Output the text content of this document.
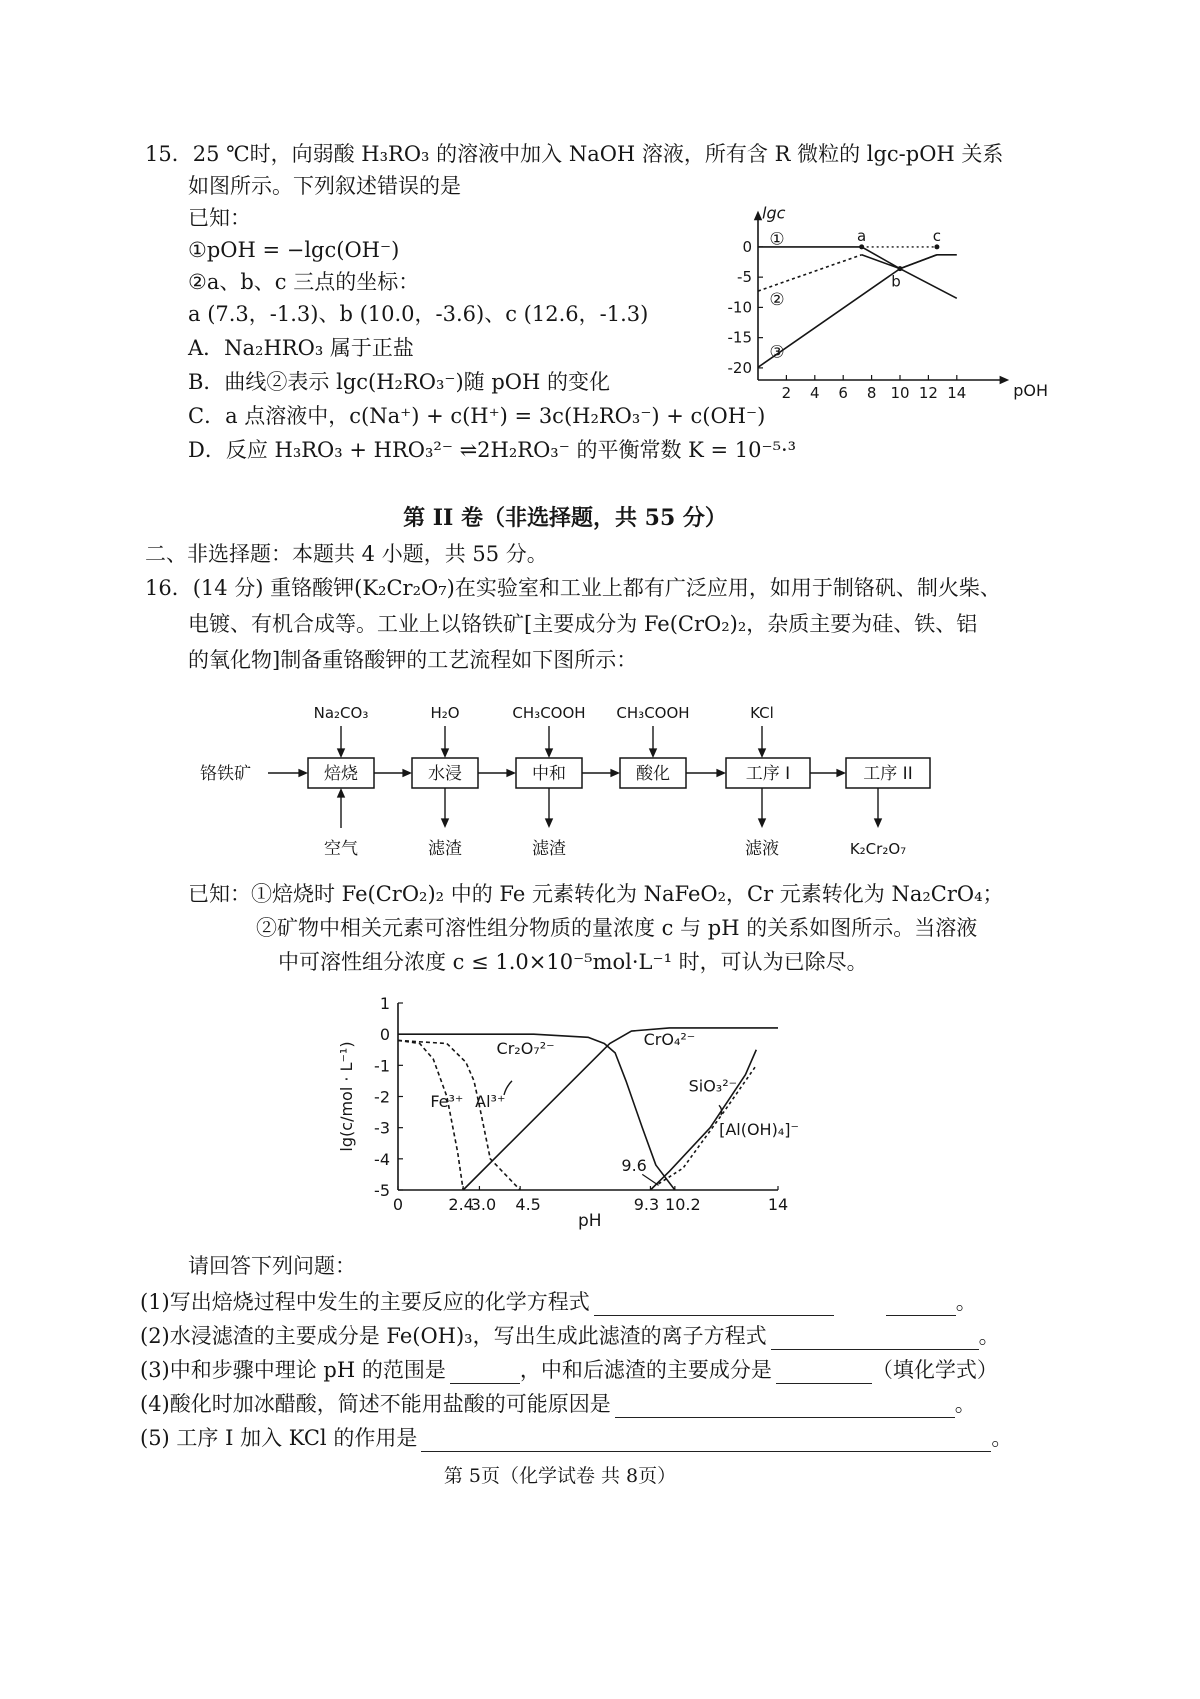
15．25 ℃时，向弱酸 H₃RO₃ 的溶液中加入 NaOH 溶液，所有含 R 微粒的 lgc-pOH 关系
如图所示。下列叙述错误的是
已知：
①pOH = −lgc(OH⁻)
②a、b、c 三点的坐标：
a (7.3，-1.3)、b (10.0，-3.6)、c (12.6，-1.3)
A．Na₂HRO₃ 属于正盐
B．曲线②表示 lgc(H₂RO₃⁻)随 pOH 的变化
C．a 点溶液中，c(Na⁺) + c(H⁺) = 3c(H₂RO₃⁻) + c(OH⁻)
D．反应 H₃RO₃ + HRO₃²⁻ ⇌2H₂RO₃⁻ 的平衡常数 K = 10⁻⁵·³
lgc
pOH
0
-5
-10
-15
-20
2 4 6 8 10 12 14
①
②
③
a
b
c
第 II 卷（非选择题，共 55 分）
二、非选择题：本题共 4 小题，共 55 分。
16．(14 分) 重铬酸钾(K₂Cr₂O₇)在实验室和工业上都有广泛应用，如用于制铬矾、制火柴、
电镀、有机合成等。工业上以铬铁矿[主要成分为 Fe(CrO₂)₂，杂质主要为硅、铁、铝
的氧化物]制备重铬酸钾的工艺流程如下图所示：
铬铁矿	焙烧	水浸	中和	酸化	工序 I	工序 II
Na₂CO₃	H₂O	CH₃COOH CH₃COOH	KCl
空气	滤渣	滤渣	滤液	K₂Cr₂O₇
已知：①焙烧时 Fe(CrO₂)₂ 中的 Fe 元素转化为 NaFeO₂，Cr 元素转化为 Na₂CrO₄；
②矿物中相关元素可溶性组分物质的量浓度 c 与 pH 的关系如图所示。当溶液
中可溶性组分浓度 c ≤ 1.0×10⁻⁵mol·L⁻¹ 时，可认为已除尽。
1
0
-1
-2
-3
-4
-5
0	2.4
3.0 4.5	9.3 10.2	14
pH
lg(c/mol · L⁻¹)	Fe³⁺ Al³⁺
Cr₂O₇²⁻	CrO₄²⁻
SiO₃²⁻
[Al(OH)₄]⁻
9.6
请回答下列问题：
(1)写出焙烧过程中发生的主要反应的化学方程式	。
(2)水浸滤渣的主要成分是 Fe(OH)₃，写出生成此滤渣的离子方程式	。
(3)中和步骤中理论 pH 的范围是	，中和后滤渣的主要成分是	（填化学式）
(4)酸化时加冰醋酸，简述不能用盐酸的可能原因是	。
(5) 工序 I 加入 KCl 的作用是	。
第 5页（化学试卷 共 8页）
